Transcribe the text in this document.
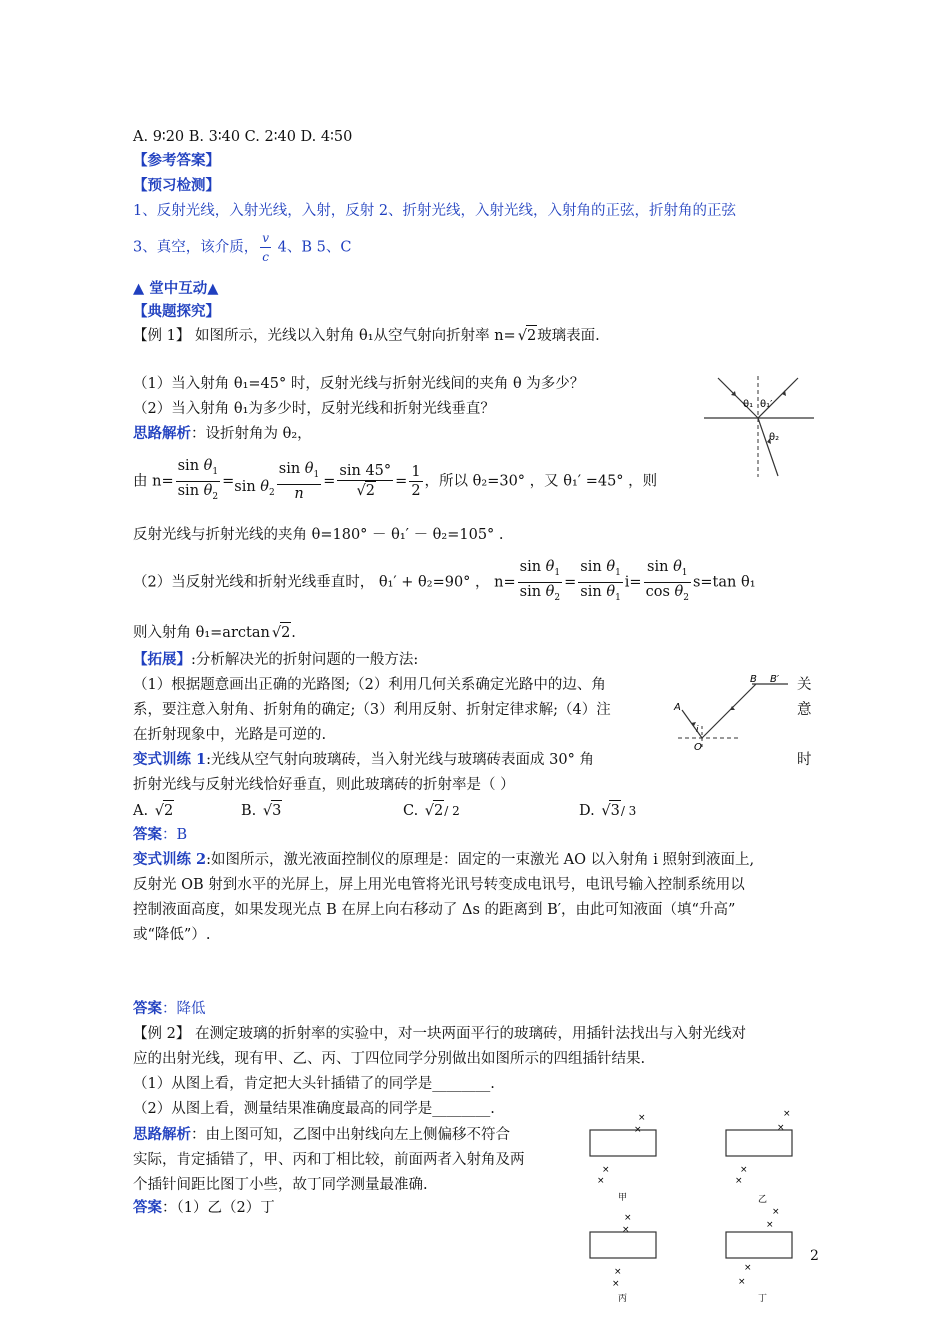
A. 9∶20 B. 3∶40 C. 2∶40 D. 4∶50
【参考答案】
【预习检测】
1、反射光线，入射光线，入射，反射 2、折射光线，入射光线，入射角的正弦，折射角的正弦
3、真空，该介质， $\frac{v}{c} 4$、B 5、C
▲ 堂中互动▲
【典题探究】
【例 1】 如图所示，光线以入射角 θ₁从空气射向折射率 n= √ 2玻璃表面.
（1）当入射角 θ₁=45° 时，反射光线与折射光线间的夹角 θ 为多少？
（2）当入射角 θ₁为多少时，反射光线和折射光线垂直？
思路解析：设折射角为 θ₂，
由 $n= \frac{\sin \theta_1}{\sin \theta_2} =\sin$ $\theta_2 \frac{\sin \theta_1}{n} = \sin 45^\circ$
√ $2 = \frac{1}{2}$ ，所以 θ₂=30° ，又 θ₁′ =45° ，则
反射光线与折射光线的夹角 θ=180° － θ₁′ － θ₂=105° .
（2）当反射光线和折射光线垂直时， θ₁′ + θ₂=90° ， $n= \frac{\sin \theta_1}{\sin \theta_2} = \frac{\sin \theta_1}{\sin \theta_1} i= \frac{\sin \theta_1}{\cos \theta_2} s=\tan$ θ₁
则入射角 θ₁=arctan √ 2.
【拓展】:分析解决光的折射问题的一般方法:
（1）根据题意画出正确的光路图;（2）利用几何关系确定光路中的边、角	关
系，要注意入射角、折射角的确定;（3）利用反射、折射定律求解;（4）注	意
在折射现象中，光路是可逆的.
变式训练 1:光线从空气射向玻璃砖，当入射光线与玻璃砖表面成 30° 角	时
折射光线与反射光线恰好垂直，则此玻璃砖的折射率是（ ）
A. √ 2	B. √ 3	C. √ 2/ 2	D. √ 3/ 3
答案：B
变式训练 2:如图所示，激光液面控制仪的原理是：固定的一束激光 AO 以入射角 i 照射到液面上,
反射光 OB 射到水平的光屏上，屏上用光电管将光讯号转变成电讯号，电讯号输入控制系统用以
控制液面高度，如果发现光点 B 在屏上向右移动了 Δs 的距离到 B′，由此可知液面（填“升高”
或“降低”）.
答案：降低
【例 2】 在测定玻璃的折射率的实验中，对一块两面平行的玻璃砖，用插针法找出与入射光线对
应的出射光线，现有甲、乙、丙、丁四位同学分别做出如图所示的四组插针结果.
（1）从图上看，肯定把大头针插错了的同学是________.
（2）从图上看，测量结果准确度最高的同学是________.
思路解析：由上图可知，乙图中出射线向左上侧偏移不符合
实际，肯定插错了，甲、丙和丁相比较，前面两者入射角及两
个插针间距比图丁小些，故丁同学测量最准确.
答案：（1）乙（2）丁
θ₁ θ₁′
θ₂
A
B B′
O
i
×
×
×
×
甲
×
×
×
×
乙
×
×
×
×
丙
×
×
×
×
丁
2
